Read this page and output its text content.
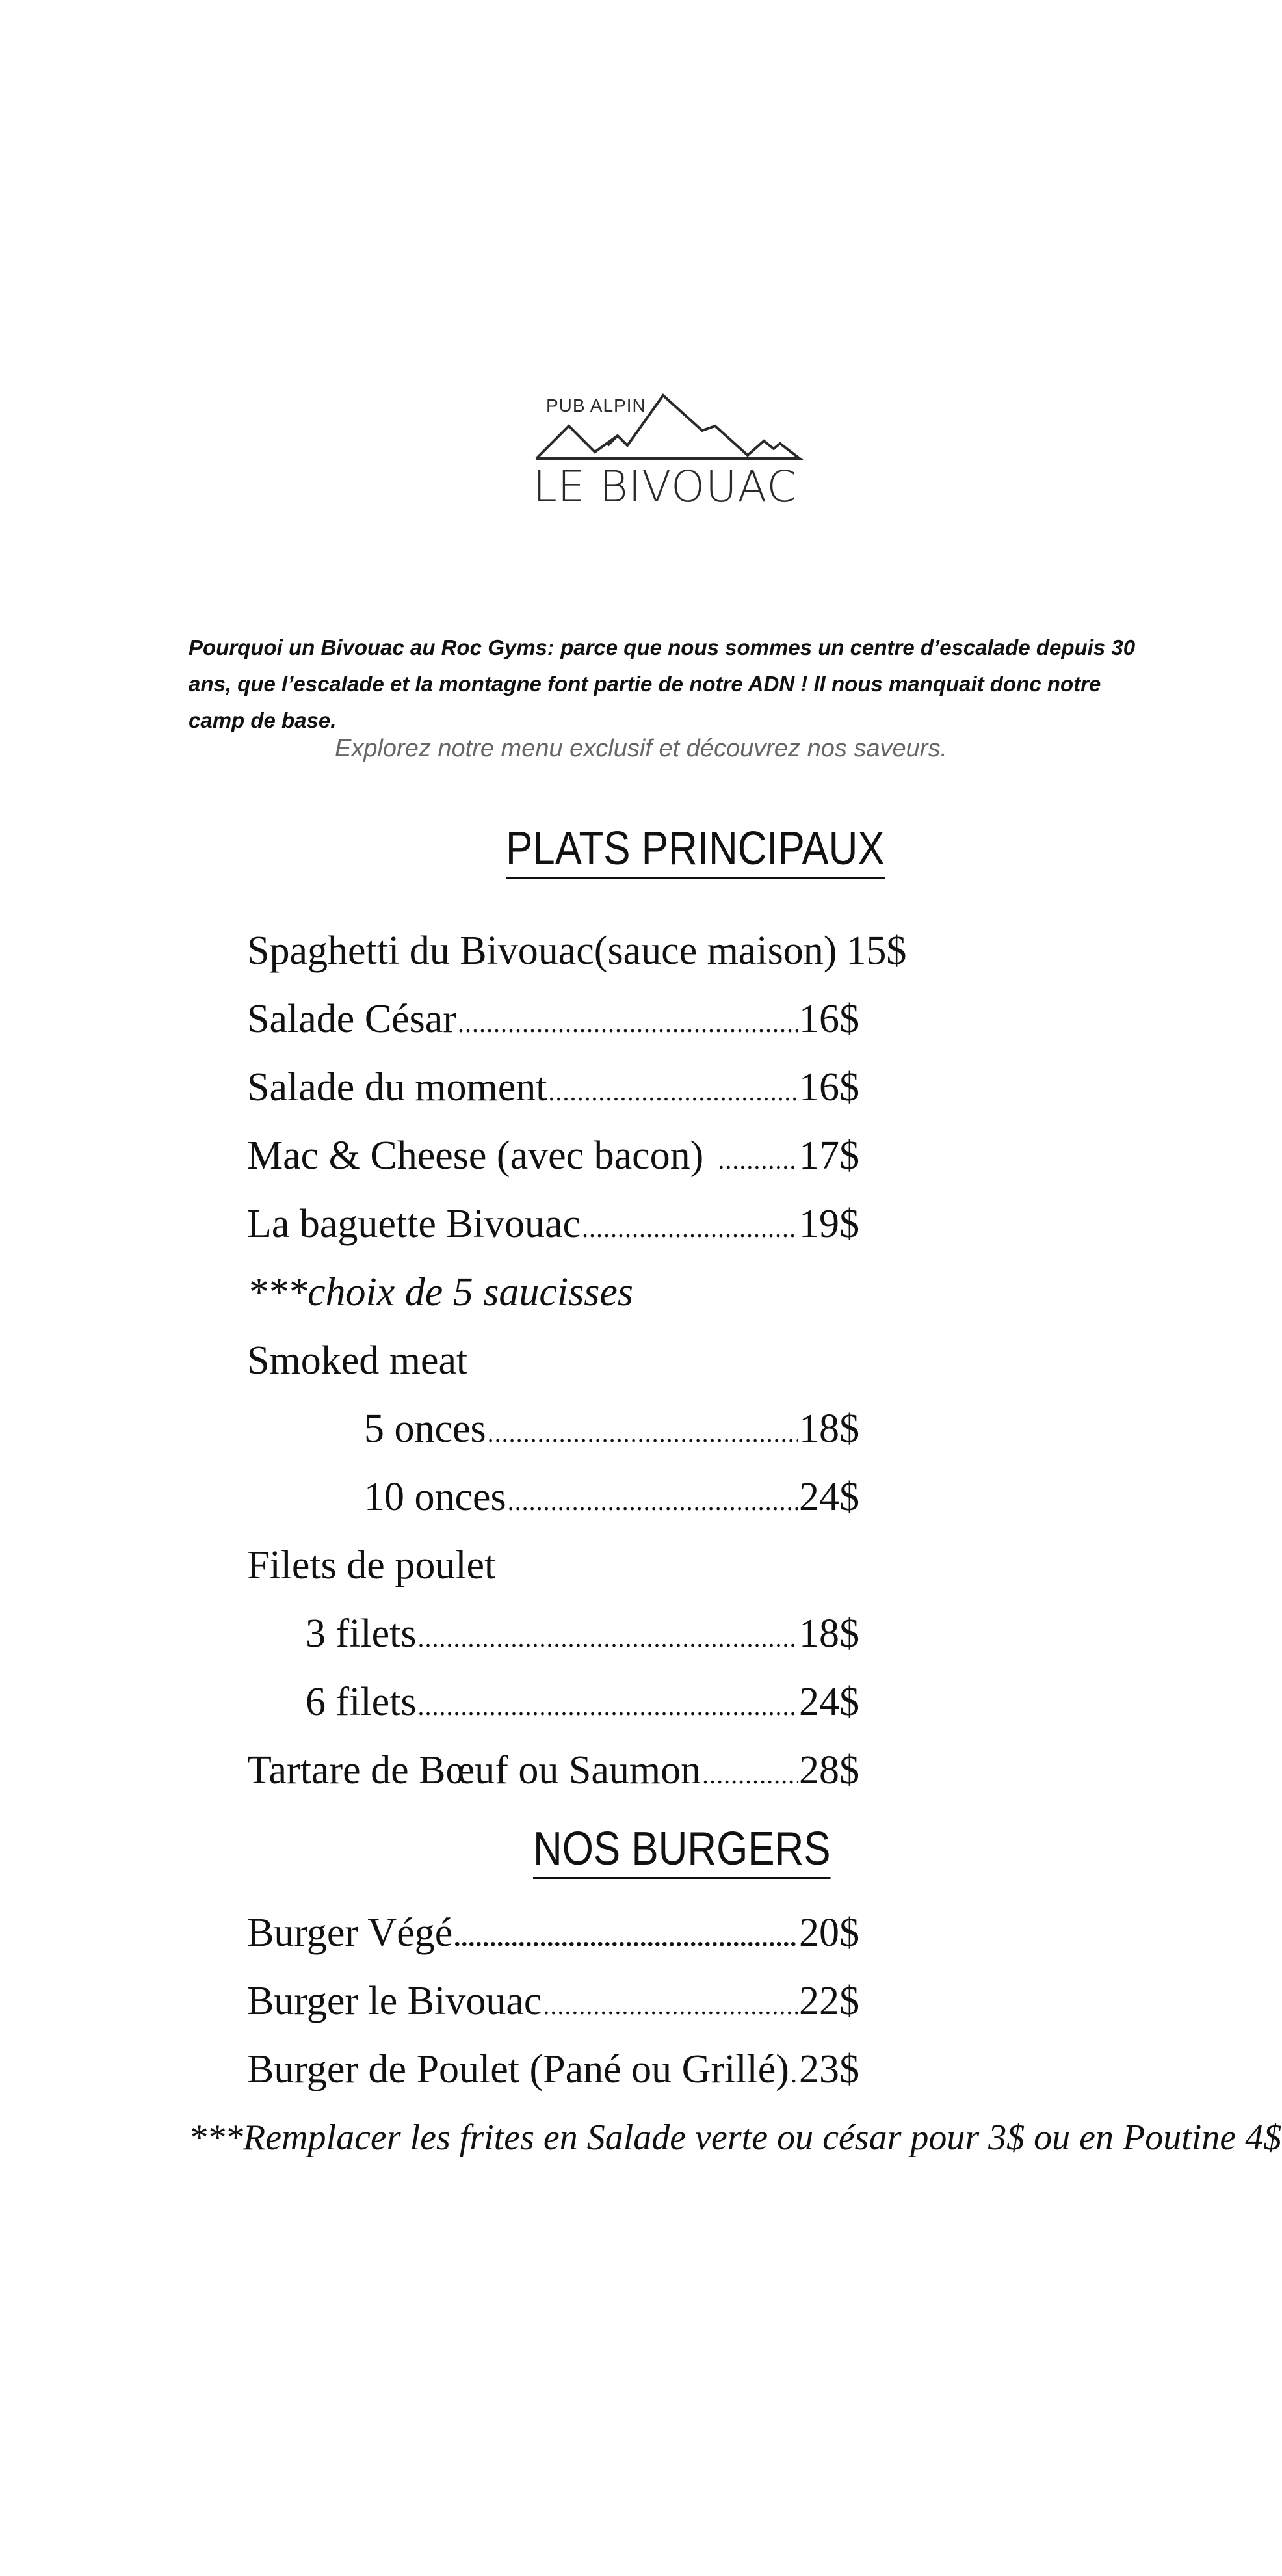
PUB ALPIN
LE BIVOUAC
Pourquoi un Bivouac au Roc Gyms: parce que nous sommes un centre d’escalade depuis 30 ans, que l’escalade et la montagne font partie de notre ADN ! Il nous manquait donc notre camp de base.
Explorez notre menu exclusif et découvrez nos saveurs.
PLATS PRINCIPAUX
Spaghetti du Bivouac(sauce maison) 15$
Salade César .....	16$
Salade du moment .....	16$
Mac & Cheese (avec bacon) ..... 17$
La baguette Bivouac .....	19$
***choix de 5 saucisses
Smoked meat
5 onces .....	18$
10 onces .....	24$
Filets de poulet
3 filets .....	18$
6 filets .....	24$
Tartare de Bœuf ou Saumon ..... 28$
NOS BURGERS
Burger Végé .....	20$
Burger le Bivouac .....	22$
Burger de Poulet (Pané ou Grillé) ..... 23$
***Remplacer les frites en Salade verte ou césar pour 3$ ou en Poutine 4$
